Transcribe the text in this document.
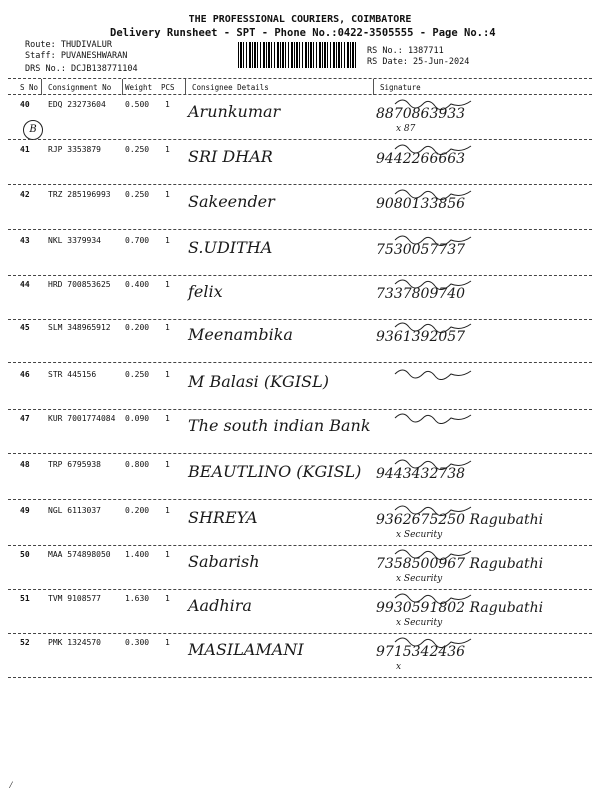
THE PROFESSIONAL COURIERS, COIMBATORE
Delivery Runsheet - SPT - Phone No.:0422-3505555 - Page No.:4
Route: THUDIVALUR
Staff: PUVANESHWARAN
DRS No.: DCJB138771104
RS No.: 1387711
RS Date: 25-Jun-2024
S No Consignment No Weight PCS Consignee Details	Signature
B
40 EDQ 23273604 0.500 1 Arunkumar	8870863933
x 87
41 RJP 3353879	0.250 1 SRI DHAR	9442266663
42 TRZ 285196993 0.250 1 Sakeender	9080133856
43 NKL 3379934	0.700 1 S.UDITHA	7530057737
44 HRD 700853625 0.400 1 felix	7337809740
45 SLM 348965912 0.200 1 Meenambika	9361392057
46 STR 445156	0.250 1 M Balasi (KGISL)
47 KUR 7001774084 0.090 1 The south indian Bank
48 TRP 6795938	0.800 1 BEAUTLINO (KGISL) 9443432738
49 NGL 6113037	0.200 1 SHREYA	9362675250 Ragubathi
x Security
50 MAA 574898050 1.400 1 Sabarish	7358500967 Ragubathi
x Security
51 TVM 9108577	1.630 1 Aadhira	9930591802 Ragubathi
x Security
52 PMK 1324570	0.300 1 MASILAMANI	9715342436
x
⁄
